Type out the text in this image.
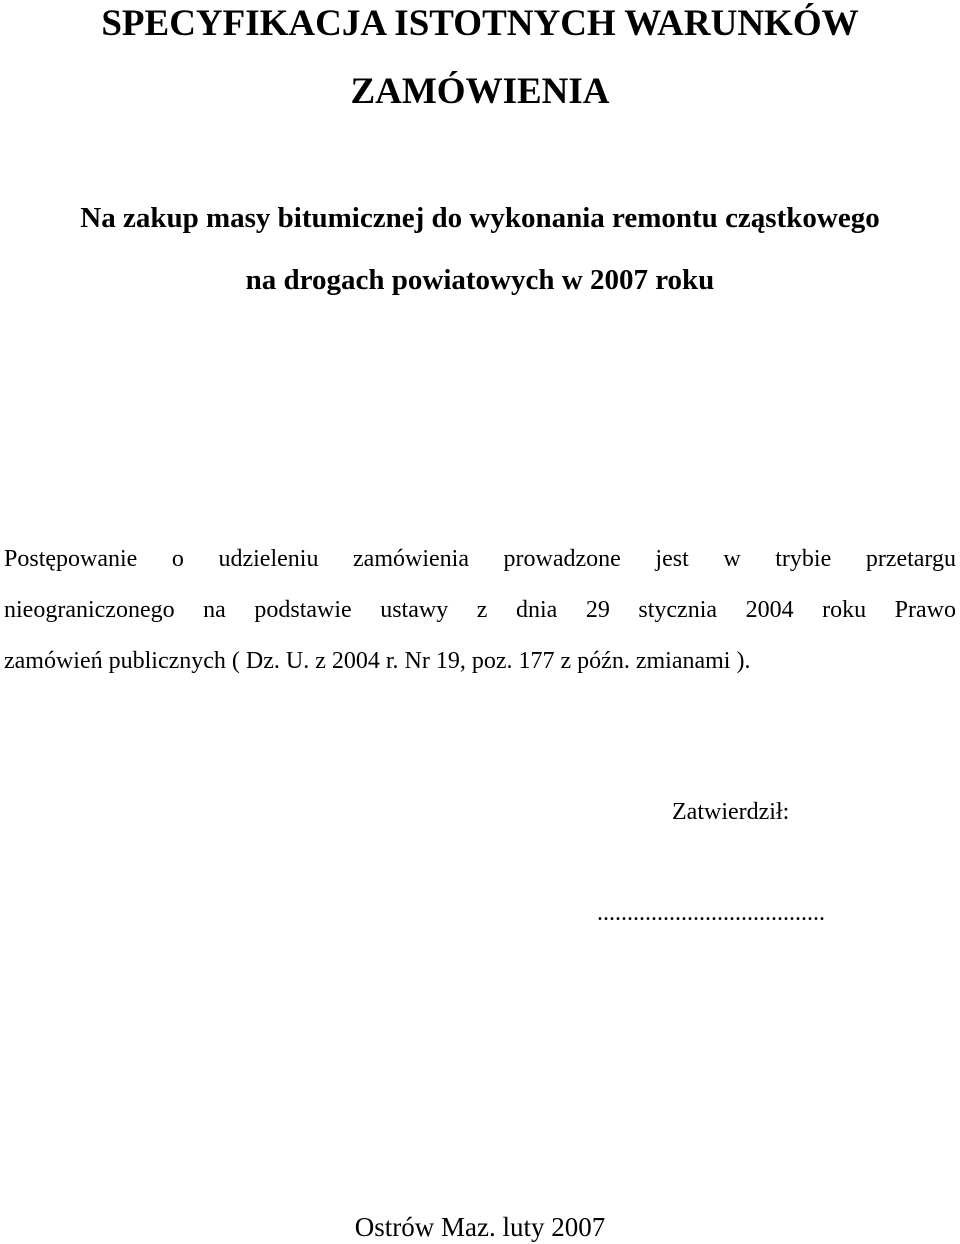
SPECYFIKACJA ISTOTNYCH WARUNKÓW
ZAMÓWIENIA
Na zakup masy bitumicznej do wykonania remontu cząstkowego
na drogach powiatowych w 2007 roku
Postępowanie o udzieleniu zamówienia prowadzone jest w trybie przetargu
nieograniczonego na podstawie ustawy z dnia 29 stycznia 2004 roku Prawo
zamówień publicznych ( Dz. U. z 2004 r. Nr 19, poz. 177 z późn. zmianami ).
Zatwierdził:
......................................
Ostrów Maz. luty 2007
